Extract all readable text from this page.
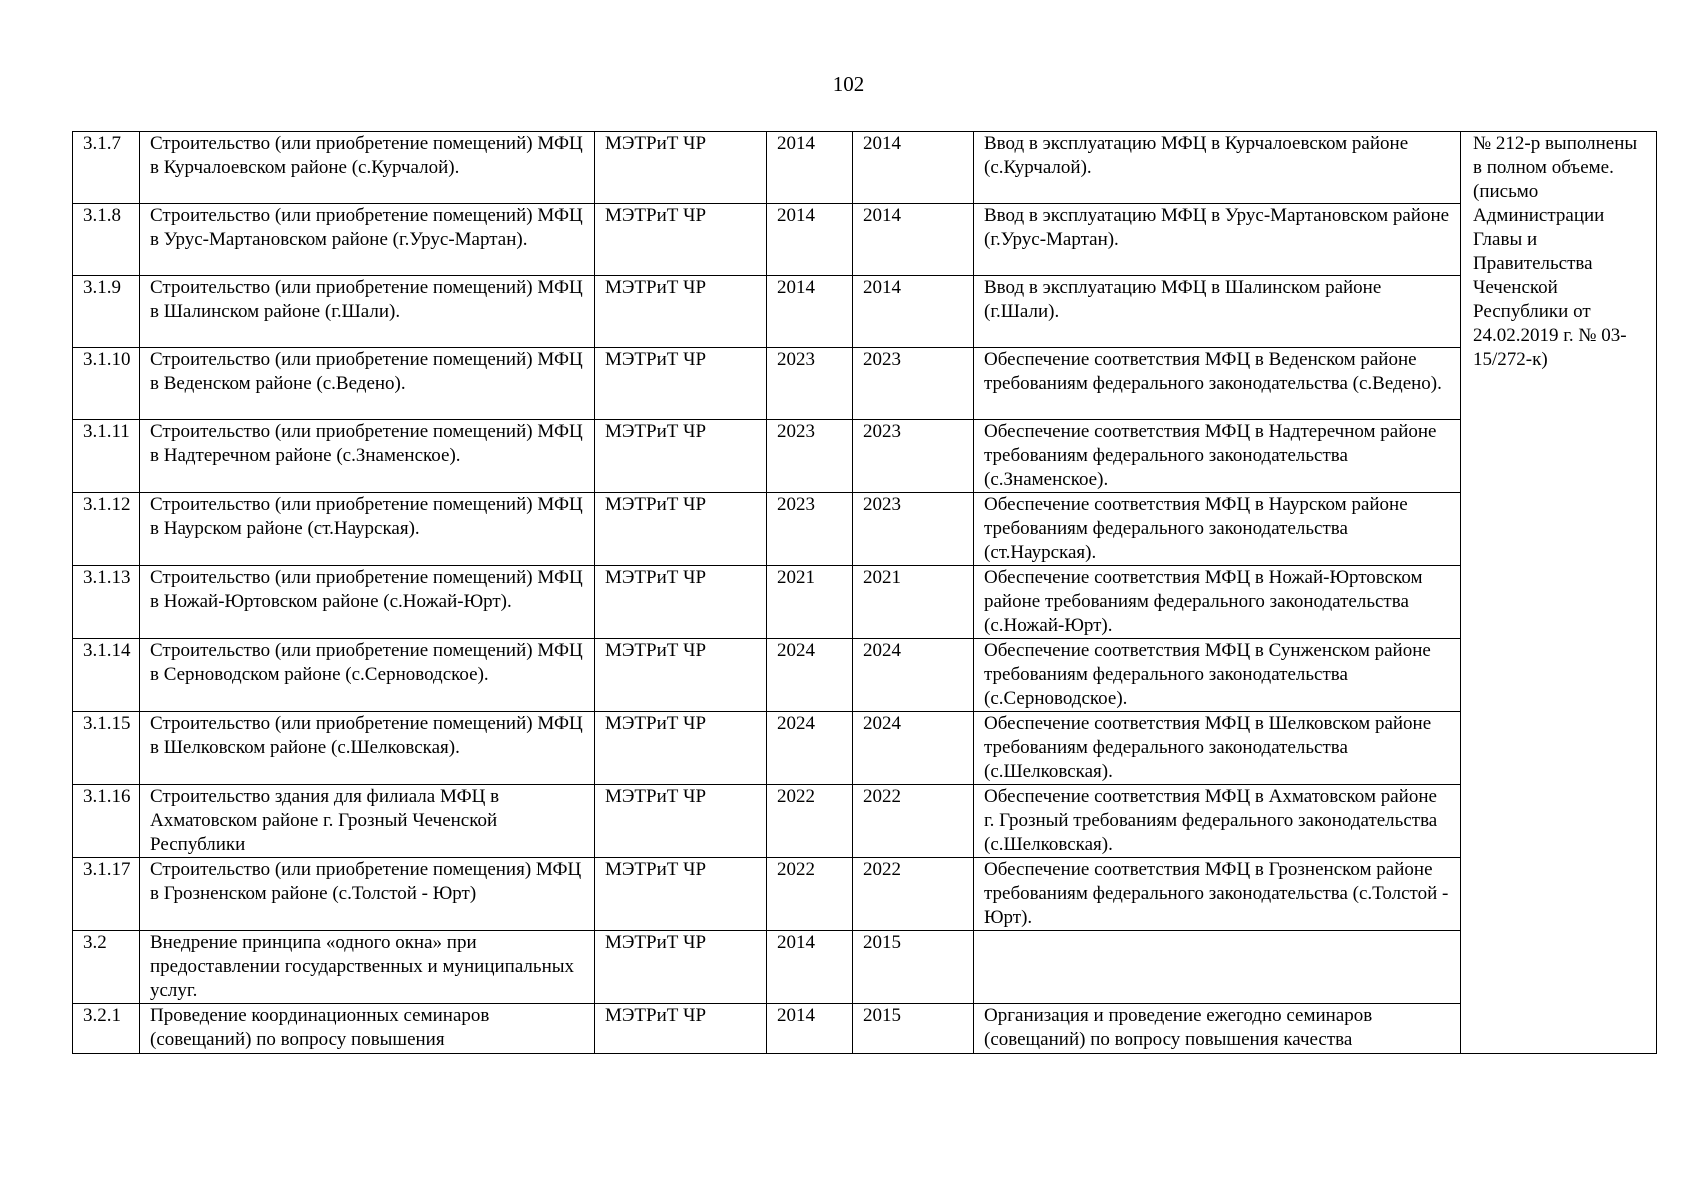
102
3.1.7	Строительство (или приобретение помещений) МФЦ в Курчалоевском районе (с.Курчалой).	МЭТРиТ ЧР	2014	2014	Ввод в эксплуатацию МФЦ в Курчалоевском районе (с.Курчалой).	№ 212-р выполнены в полном объеме. (письмо Администрации Главы и Правительства Чеченской Республики от 24.02.2019 г. № 03-15/272-к)
3.1.8	Строительство (или приобретение помещений) МФЦ в Урус-Мартановском районе (г.Урус-Мартан).	МЭТРиТ ЧР	2014	2014	Ввод в эксплуатацию МФЦ в Урус-Мартановском районе (г.Урус-Мартан).	
3.1.9	Строительство (или приобретение помещений) МФЦ в Шалинском районе (г.Шали).	МЭТРиТ ЧР	2014	2014	Ввод в эксплуатацию МФЦ в Шалинском районе (г.Шали).	
3.1.10	Строительство (или приобретение помещений) МФЦ в Веденском районе (с.Ведено).	МЭТРиТ ЧР	2023	2023	Обеспечение соответствия МФЦ в Веденском районе требованиям федерального законодательства (с.Ведено).	
3.1.11	Строительство (или приобретение помещений) МФЦ в Надтеречном районе (с.Знаменское).	МЭТРиТ ЧР	2023	2023	Обеспечение соответствия МФЦ в Надтеречном районе требованиям федерального законодательства (с.Знаменское).	
3.1.12	Строительство (или приобретение помещений) МФЦ в Наурском районе (ст.Наурская).	МЭТРиТ ЧР	2023	2023	Обеспечение соответствия МФЦ в Наурском районе требованиям федерального законодательства (ст.Наурская).	
3.1.13	Строительство (или приобретение помещений) МФЦ в Ножай-Юртовском районе (с.Ножай-Юрт).	МЭТРиТ ЧР	2021	2021	Обеспечение соответствия МФЦ в Ножай-Юртовском районе требованиям федерального законодательства (с.Ножай-Юрт).	
3.1.14	Строительство (или приобретение помещений) МФЦ в Серноводском районе (с.Серноводское).	МЭТРиТ ЧР	2024	2024	Обеспечение соответствия МФЦ в Сунженском районе требованиям федерального законодательства (с.Серноводское).	
3.1.15	Строительство (или приобретение помещений) МФЦ в Шелковском районе (с.Шелковская).	МЭТРиТ ЧР	2024	2024	Обеспечение соответствия МФЦ в Шелковском районе требованиям федерального законодательства (с.Шелковская).	
3.1.16	Строительство здания для филиала МФЦ в Ахматовском районе г. Грозный Чеченской Республики	МЭТРиТ ЧР	2022	2022	Обеспечение соответствия МФЦ в Ахматовском районе г. Грозный требованиям федерального законодательства (с.Шелковская).	
3.1.17	Строительство (или приобретение помещения) МФЦ в Грозненском районе (с.Толстой - Юрт)	МЭТРиТ ЧР	2022	2022	Обеспечение соответствия МФЦ в Грозненском районе требованиям федерального законодательства (с.Толстой - Юрт).	
3.2	Внедрение принципа «одного окна» при предоставлении государственных и муниципальных услуг.	МЭТРиТ ЧР	2014	2015		
3.2.1	Проведение координационных семинаров (совещаний) по вопросу повышения	МЭТРиТ ЧР	2014	2015	Организация и проведение ежегодно семинаров (совещаний) по вопросу повышения качества	
